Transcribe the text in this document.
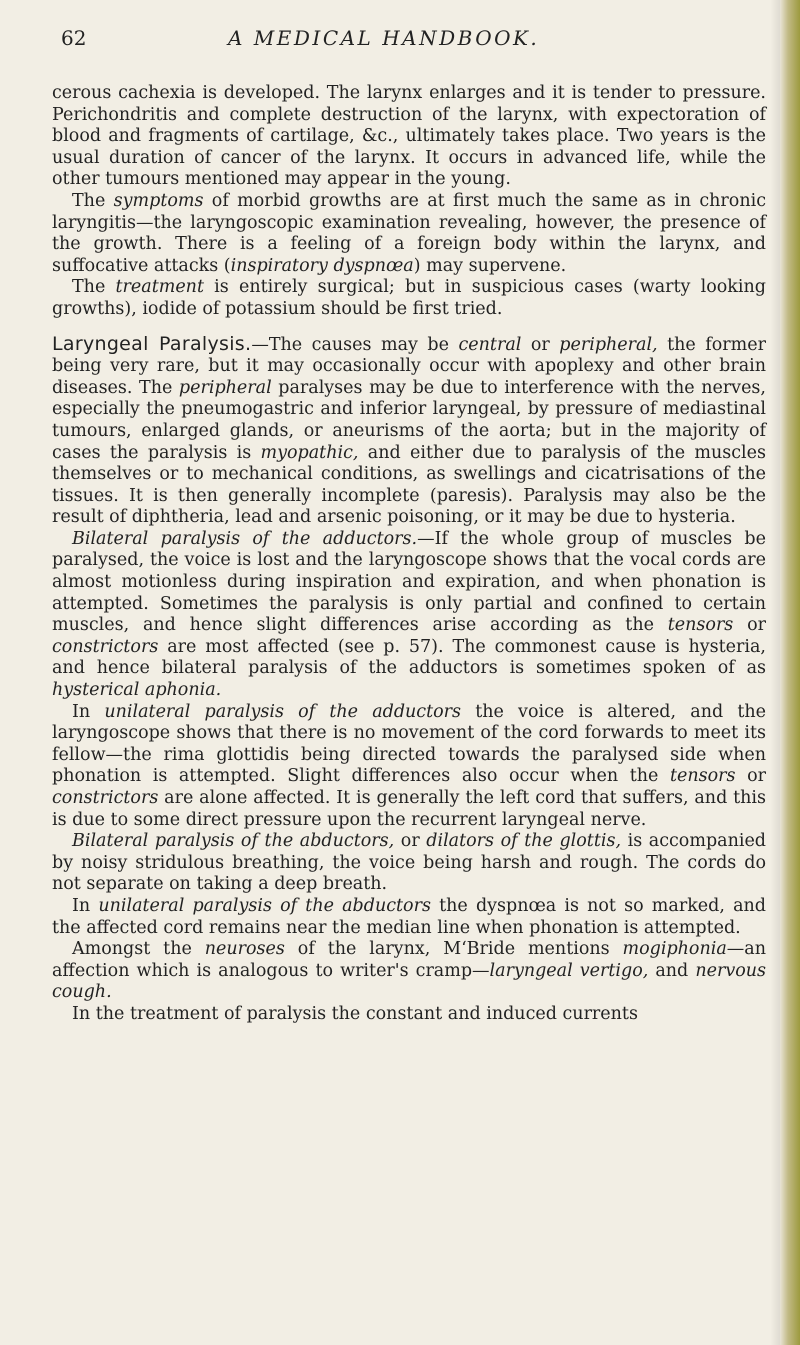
62	A MEDICAL HANDBOOK.

cerous cachexia is developed. The larynx enlarges and it is tender to pressure. Perichondritis and complete destruction of the larynx, with expectoration of blood and fragments of cartilage, &c., ultimately takes place. Two years is the usual duration of cancer of the larynx. It occurs in advanced life, while the other tumours mentioned may appear in the young.

The symptoms of morbid growths are at first much the same as in chronic laryngitis—the laryngoscopic examination revealing, however, the presence of the growth. There is a feeling of a foreign body within the larynx, and suffocative attacks (inspiratory dyspnœa) may supervene.

The treatment is entirely surgical; but in suspicious cases (warty looking growths), iodide of potassium should be first tried.

Laryngeal Paralysis.—The causes may be central or peripheral, the former being very rare, but it may occasionally occur with apoplexy and other brain diseases. The peripheral paralyses may be due to interference with the nerves, especially the pneumogastric and inferior laryngeal, by pressure of mediastinal tumours, enlarged glands, or aneurisms of the aorta; but in the majority of cases the paralysis is myopathic, and either due to paralysis of the muscles themselves or to mechanical conditions, as swellings and cicatrisations of the tissues. It is then generally incomplete (paresis). Paralysis may also be the result of diphtheria, lead and arsenic poisoning, or it may be due to hysteria.

Bilateral paralysis of the adductors.—If the whole group of muscles be paralysed, the voice is lost and the laryngoscope shows that the vocal cords are almost motionless during inspiration and expiration, and when phonation is attempted. Sometimes the paralysis is only partial and confined to certain muscles, and hence slight differences arise according as the tensors or constrictors are most affected (see p. 57). The commonest cause is hysteria, and hence bilateral paralysis of the adductors is sometimes spoken of as hysterical aphonia.

In unilateral paralysis of the adductors the voice is altered, and the laryngoscope shows that there is no movement of the cord forwards to meet its fellow—the rima glottidis being directed towards the paralysed side when phonation is attempted. Slight differences also occur when the tensors or constrictors are alone affected. It is generally the left cord that suffers, and this is due to some direct pressure upon the recurrent laryngeal nerve.

Bilateral paralysis of the abductors, or dilators of the glottis, is accompanied by noisy stridulous breathing, the voice being harsh and rough. The cords do not separate on taking a deep breath.

In unilateral paralysis of the abductors the dyspnœa is not so marked, and the affected cord remains near the median line when phonation is attempted.

Amongst the neuroses of the larynx, M‘Bride mentions mogiphonia—an affection which is analogous to writer's cramp—laryngeal vertigo, and nervous cough.

In the treatment of paralysis the constant and induced currents
